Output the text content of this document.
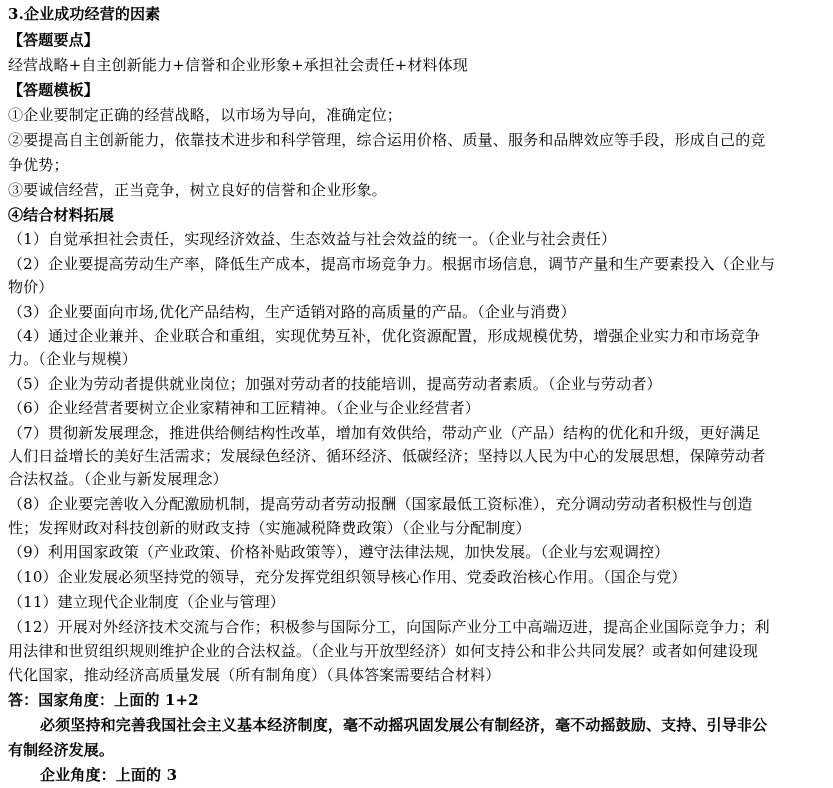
3.企业成功经营的因素
【答题要点】
经营战略+自主创新能力+信誉和企业形象+承担社会责任+材料体现
【答题模板】
①企业要制定正确的经营战略，以市场为导向，准确定位；
②要提高自主创新能力，依靠技术进步和科学管理，综合运用价格、质量、服务和品牌效应等手段，形成自己的竞
争优势；
③要诚信经营，正当竞争，树立良好的信誉和企业形象。
④结合材料拓展
（1）自觉承担社会责任，实现经济效益、生态效益与社会效益的统一。（企业与社会责任）
（2）企业要提高劳动生产率，降低生产成本，提高市场竞争力。根据市场信息，调节产量和生产要素投入（企业与
物价）
（3）企业要面向市场,优化产品结构，生产适销对路的高质量的产品。（企业与消费）
（4）通过企业兼并、企业联合和重组，实现优势互补，优化资源配置，形成规模优势，增强企业实力和市场竞争
力。（企业与规模）
（5）企业为劳动者提供就业岗位；加强对劳动者的技能培训，提高劳动者素质。（企业与劳动者）
（6）企业经营者要树立企业家精神和工匠精神。（企业与企业经营者）
（7）贯彻新发展理念，推进供给侧结构性改革，增加有效供给，带动产业（产品）结构的优化和升级，更好满足
人们日益增长的美好生活需求；发展绿色经济、循环经济、低碳经济；坚持以人民为中心的发展思想，保障劳动者
合法权益。（企业与新发展理念）
（8）企业要完善收入分配激励机制，提高劳动者劳动报酬（国家最低工资标准），充分调动劳动者积极性与创造
性；发挥财政对科技创新的财政支持（实施减税降费政策）（企业与分配制度）
（9）利用国家政策（产业政策、价格补贴政策等），遵守法律法规，加快发展。（企业与宏观调控）
（10）企业发展必须坚持党的领导，充分发挥党组织领导核心作用、党委政治核心作用。（国企与党）
（11）建立现代企业制度（企业与管理）
（12）开展对外经济技术交流与合作；积极参与国际分工，向国际产业分工中高端迈进，提高企业国际竞争力；利
用法律和世贸组织规则维护企业的合法权益。（企业与开放型经济）如何支持公和非公共同发展？或者如何建设现
代化国家，推动经济高质量发展（所有制角度）（具体答案需要结合材料）
答：国家角度：上面的 1+2
必须坚持和完善我国社会主义基本经济制度，毫不动摇巩固发展公有制经济，毫不动摇鼓励、支持、引导非公
有制经济发展。
企业角度：上面的 3
